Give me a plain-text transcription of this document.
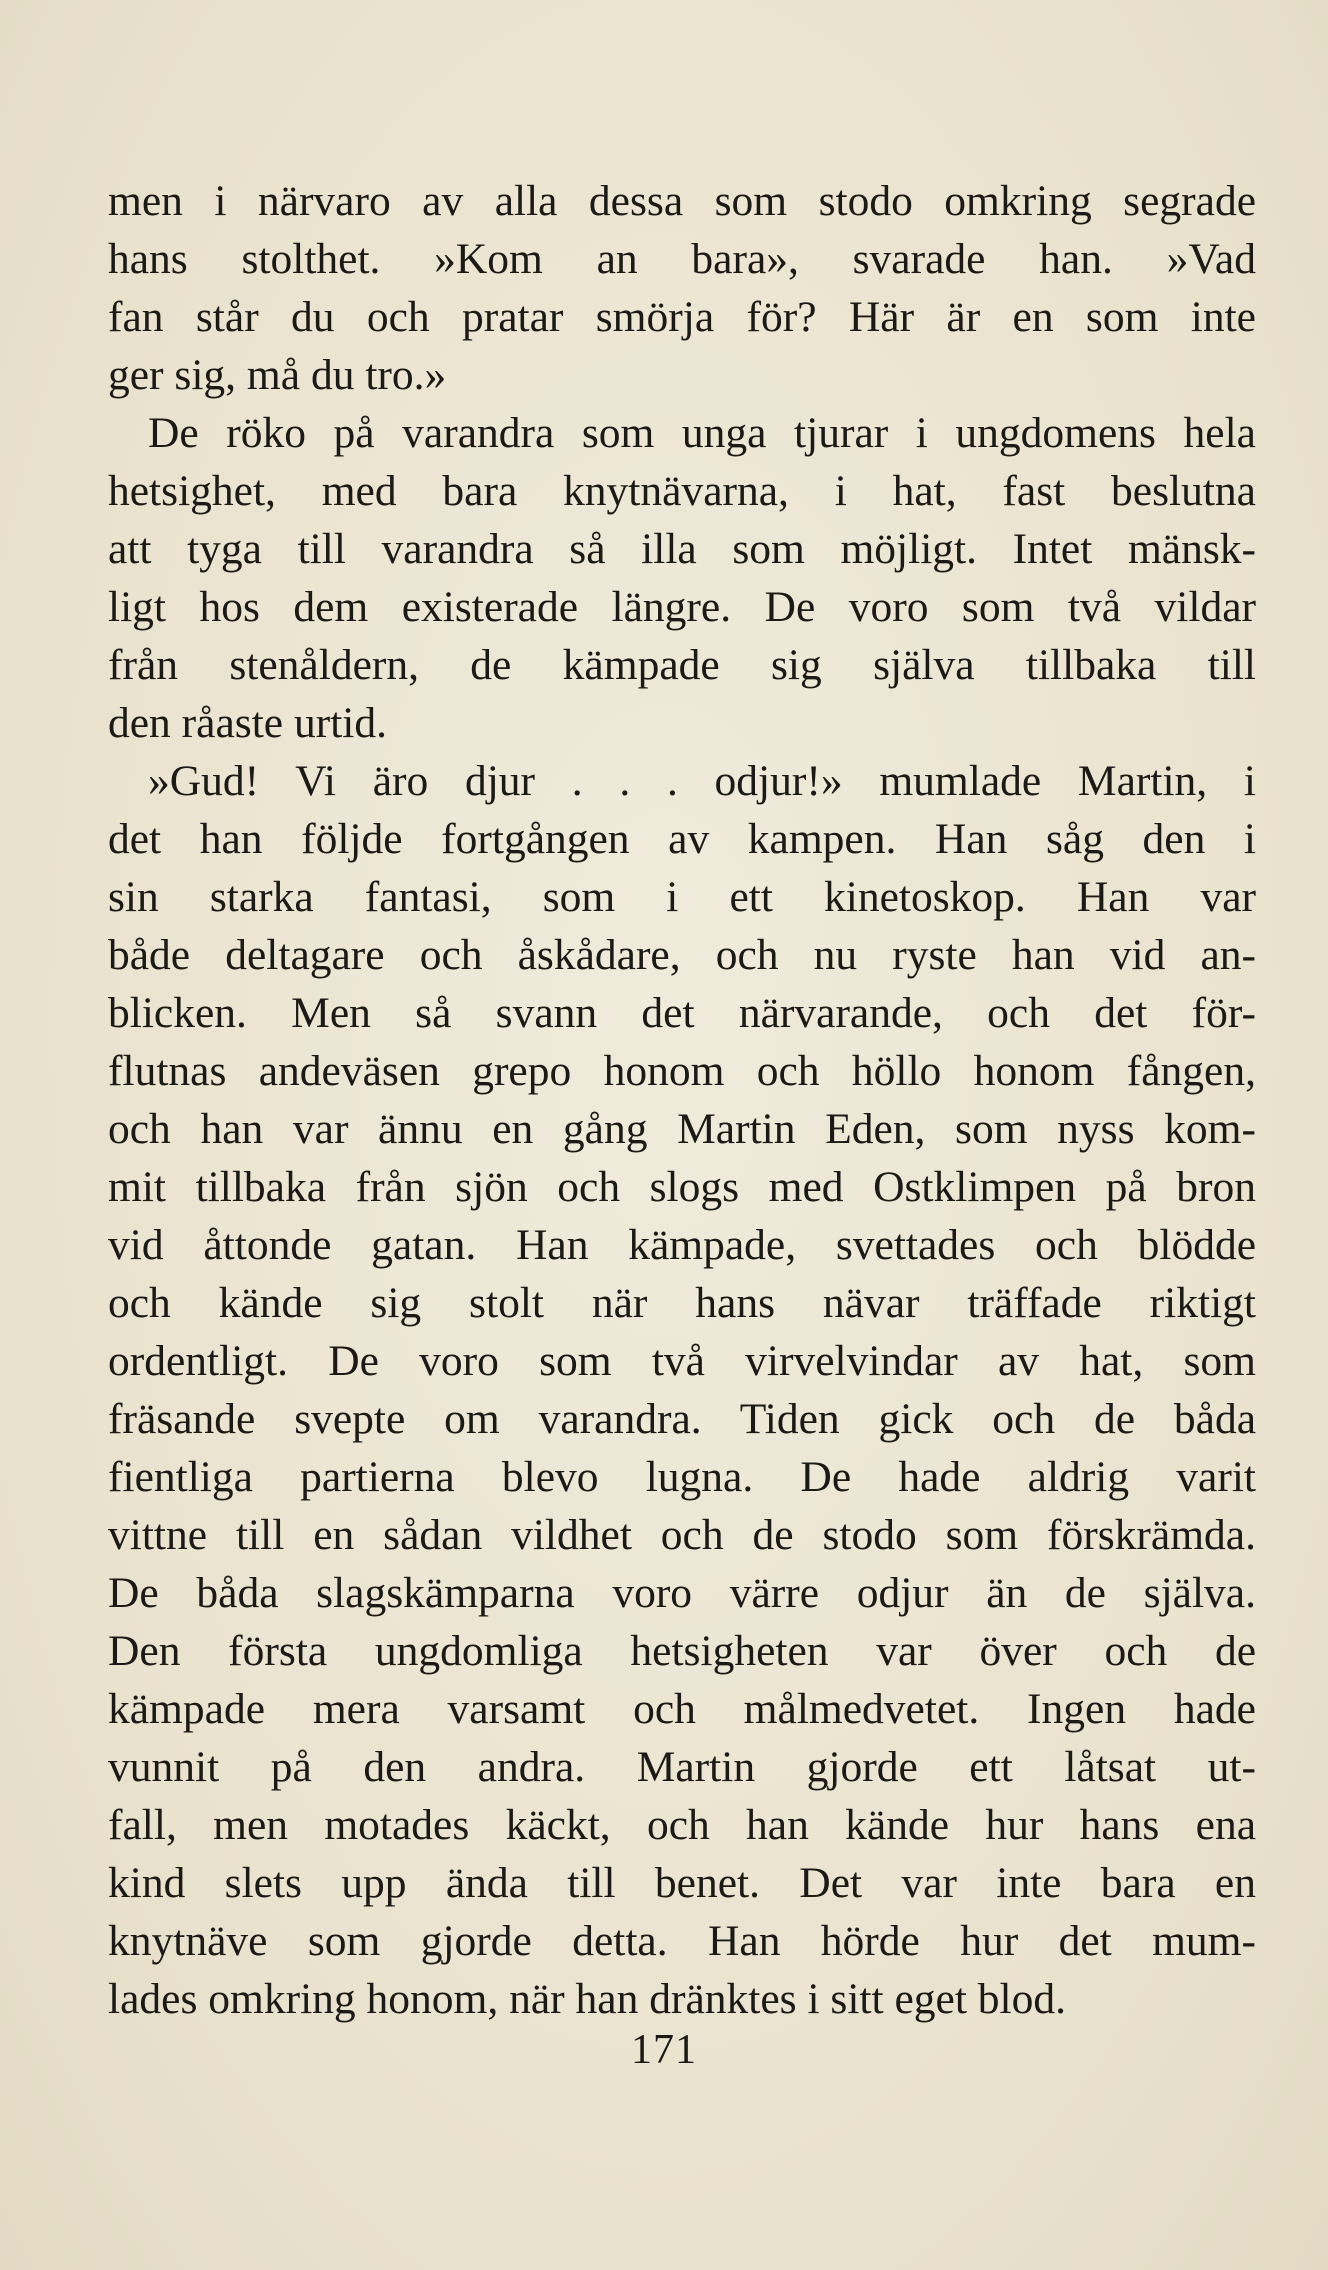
men i närvaro av alla dessa som stodo omkring segrade
hans stolthet. »Kom an bara», svarade han. »Vad
fan står du och pratar smörja för? Här är en som inte
ger sig, må du tro.»
De röko på varandra som unga tjurar i ungdomens hela
hetsighet, med bara knytnävarna, i hat, fast beslutna
att tyga till varandra så illa som möjligt. Intet mänsk-
ligt hos dem existerade längre. De voro som två vildar
från stenåldern, de kämpade sig själva tillbaka till
den råaste urtid.
»Gud! Vi äro djur . . . odjur!» mumlade Martin, i
det han följde fortgången av kampen. Han såg den i
sin starka fantasi, som i ett kinetoskop. Han var
både deltagare och åskådare, och nu ryste han vid an-
blicken. Men så svann det närvarande, och det för-
flutnas andeväsen grepo honom och höllo honom fången,
och han var ännu en gång Martin Eden, som nyss kom-
mit tillbaka från sjön och slogs med Ostklimpen på bron
vid åttonde gatan. Han kämpade, svettades och blödde
och kände sig stolt när hans nävar träffade riktigt
ordentligt. De voro som två virvelvindar av hat, som
fräsande svepte om varandra. Tiden gick och de båda
fientliga partierna blevo lugna. De hade aldrig varit
vittne till en sådan vildhet och de stodo som förskrämda.
De båda slagskämparna voro värre odjur än de själva.
Den första ungdomliga hetsigheten var över och de
kämpade mera varsamt och målmedvetet. Ingen hade
vunnit på den andra. Martin gjorde ett låtsat ut-
fall, men motades käckt, och han kände hur hans ena
kind slets upp ända till benet. Det var inte bara en
knytnäve som gjorde detta. Han hörde hur det mum-
lades omkring honom, när han dränktes i sitt eget blod.
171
